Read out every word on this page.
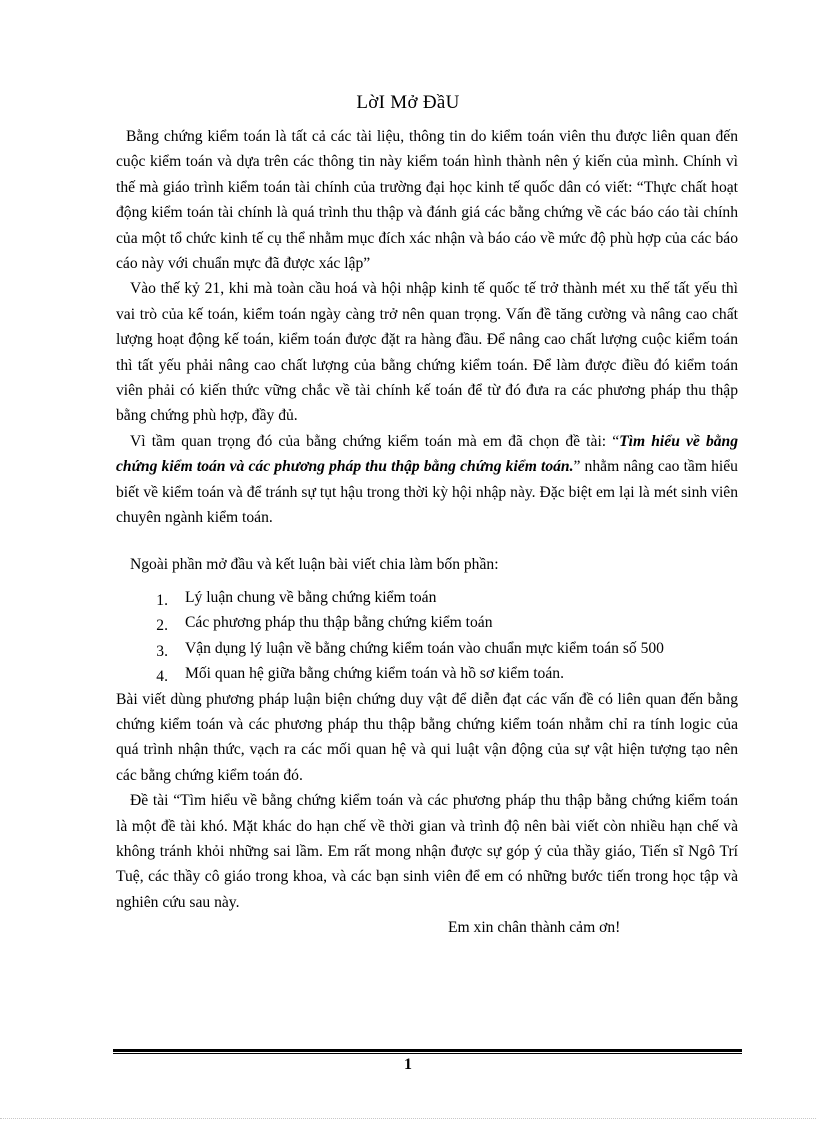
LờI Mở ĐầU

Bằng chứng kiểm toán là tất cả các tài liệu, thông tin do kiểm toán viên thu được liên quan đến cuộc kiểm toán và dựa trên các thông tin này kiểm toán hình thành nên ý kiến của mình. Chính vì thế mà giáo trình kiểm toán tài chính của trường đại học kinh tế quốc dân có viết: “Thực chất hoạt động kiểm toán tài chính là quá trình thu thập và đánh giá các bằng chứng về các báo cáo tài chính của một tổ chức kinh tế cụ thể nhằm mục đích xác nhận và báo cáo về mức độ phù hợp của các báo cáo này với chuẩn mực đã được xác lập”

Vào thế kỷ 21, khi mà toàn cầu hoá và hội nhập kinh tế quốc tế trở thành mét xu thế tất yếu thì vai trò của kế toán, kiểm toán ngày càng trở nên quan trọng. Vấn đề tăng cường và nâng cao chất lượng hoạt động kế toán, kiểm toán được đặt ra hàng đầu. Để nâng cao chất lượng cuộc kiểm toán thì tất yếu phải nâng cao chất lượng của bằng chứng kiểm toán. Để làm được điều đó kiểm toán viên phải có kiến thức vững chắc về tài chính kế toán để từ đó đưa ra các phương pháp thu thập bằng chứng phù hợp, đầy đủ.

Vì tầm quan trọng đó của bằng chứng kiểm toán mà em đã chọn đề tài: “Tìm hiểu về bằng chứng kiểm toán và các phương pháp thu thập bằng chứng kiểm toán.” nhằm nâng cao tầm hiểu biết về kiểm toán và để tránh sự tụt hậu trong thời kỳ hội nhập này. Đặc biệt em lại là mét sinh viên chuyên ngành kiểm toán.

Ngoài phần mở đầu và kết luận bài viết chia làm bốn phần:

1.	Lý luận chung về bằng chứng kiểm toán
2.	Các phương pháp thu thập bằng chứng kiểm toán
3.	Vận dụng lý luận về bằng chứng kiểm toán vào chuẩn mực kiểm toán số 500
4.	Mối quan hệ giữa bằng chứng kiểm toán và hồ sơ kiểm toán.

Bài viết dùng phương pháp luận biện chứng duy vật để diễn đạt các vấn đề có liên quan đến bằng chứng kiểm toán và các phương pháp thu thập bằng chứng kiểm toán nhằm chỉ ra tính logic của quá trình nhận thức, vạch ra các mối quan hệ và qui luật vận động của sự vật hiện tượng tạo nên các bằng chứng kiểm toán đó.

Đề tài “Tìm hiểu về bằng chứng kiểm toán và các phương pháp thu thập bằng chứng kiểm toán là một đề tài khó. Mặt khác do hạn chế về thời gian và trình độ nên bài viết còn nhiều hạn chế và không tránh khỏi những sai lầm. Em rất mong nhận được sự góp ý của thầy giáo, Tiến sĩ Ngô Trí Tuệ, các thầy cô giáo trong khoa, và các bạn sinh viên để em có những bước tiến trong học tập và nghiên cứu sau này.

Em xin chân thành cảm ơn!

1
